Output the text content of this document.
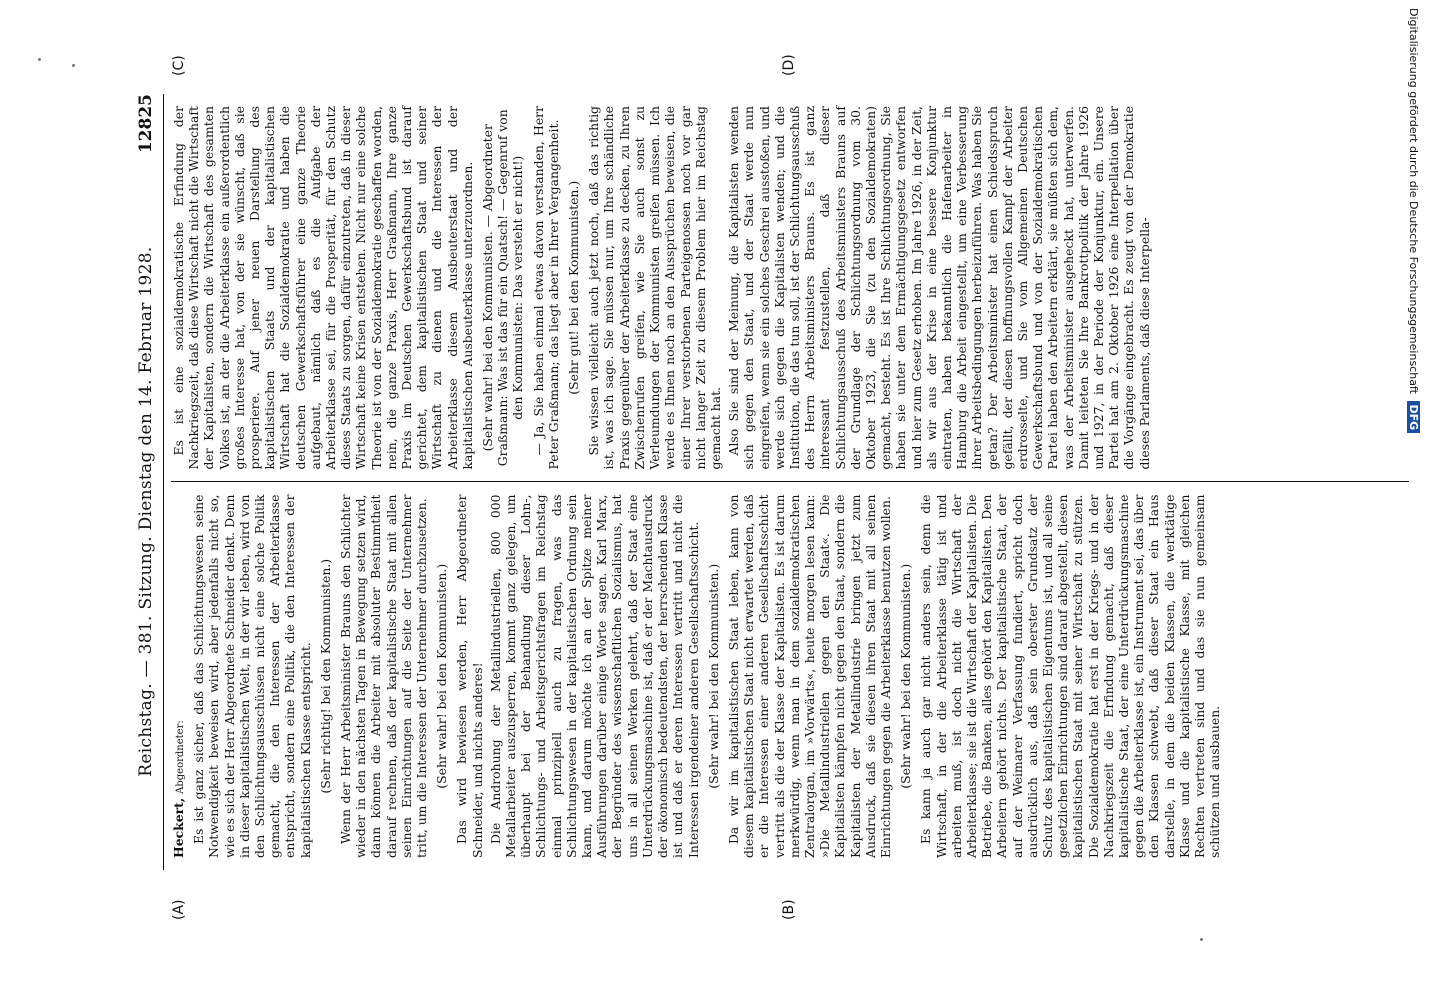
Reichstag. — 381. Sitzung. Dienstag den 14. Februar 1928.
12825
(A)	(B)

Heckert, Abgeordneter: Es ist ganz sicher, daß das Schlichtungswesen seine Notwendigkeit beweisen wird, aber jedenfalls nicht so, wie es sich der Herr Abgeordnete Schneider denkt. Denn in dieser kapitalistischen Welt, in der wir leben, wird von den Schlichtungsausschüssen nicht eine solche Politik gemacht, die den Interessen der Arbeiterklasse entspricht, sondern eine Politik, die den Interessen der kapitalistischen Klasse entspricht. (Sehr richtig! bei den Kommunisten.) Wenn der Herr Arbeitsminister Brauns den Schlichter wieder in den nächsten Tagen in Bewegung setzen wird, dann können die Arbeiter mit absoluter Bestimmtheit darauf rechnen, daß der kapitalistische Staat mit allen seinen Einrichtungen auf die Seite der Unternehmer tritt, um die Interessen der Unternehmer durchzusetzen. (Sehr wahr! bei den Kommunisten.) Das wird bewiesen werden, Herr Abgeordneter Schneider, und nichts anderes! Die Androhung der Metallindustriellen, 800 000 Metallarbeiter auszusperren, kommt ganz gelegen, um überhaupt bei der Behandlung dieser Lohn-, Schlichtungs- und Arbeitsgerichtsfragen im Reichstag einmal prinzipiell auch zu fragen, was das Schlichtungswesen in der kapitalistischen Ordnung sein kann, und darum möchte ich an der Spitze meiner Ausführungen darüber einige Worte sagen. Karl Marx, der Begründer des wissenschaftlichen Sozialismus, hat uns in all seinen Werken gelehrt, daß der Staat eine Unterdrückungsmaschine ist, daß er der Machtausdruck der ökonomisch bedeutendsten, der herrschenden Klasse ist und daß er deren Interessen vertritt und nicht die Interessen irgendeiner anderen Gesellschaftsschicht. (Sehr wahr! bei den Kommunisten.) Da wir im kapitalistischen Staat leben, kann von diesem kapitalistischen Staat nicht erwartet werden, daß er die Interessen einer anderen Gesellschaftsschicht vertritt als die der Klasse der Kapitalisten. Es ist darum merkwürdig, wenn man in dem sozialdemokratischen Zentralorgan, im »Vorwärts«, heute morgen lesen kann: »Die Metallindustriellen gegen den Staat«. Die Kapitalisten kämpfen nicht gegen den Staat, sondern die Kapitalisten der Metallindustrie bringen jetzt zum Ausdruck, daß sie diesen ihren Staat mit all seinen Einrichtungen gegen die Arbeiterklasse benutzen wollen. (Sehr wahr! bei den Kommunisten.) Es kann ja auch gar nicht anders sein, denn die Wirtschaft, in der die Arbeiterklasse tätig ist und arbeiten muß, ist doch nicht die Wirtschaft der Arbeiterklasse; sie ist die Wirtschaft der Kapitalisten. Die Betriebe, die Banken, alles gehört den Kapitalisten. Den Arbeitern gehört nichts. Der kapitalistische Staat, der auf der Weimarer Verfassung fundiert, spricht doch ausdrücklich aus, daß sein oberster Grundsatz der Schutz des kapitalistischen Eigentums ist, und all seine gesetzlichen Einrichtungen sind darauf abgestellt, diesen kapitalistischen Staat mit seiner Wirtschaft zu stützen. Die Sozialdemokratie hat erst in der Kriegs- und in der Nachkriegszeit die Erfindung gemacht, daß dieser kapitalistische Staat, der eine Unterdrückungsmaschine gegen die Arbeiterklasse ist, ein Instrument sei, das über den Klassen schwebt, daß dieser Staat ein Haus darstelle, in dem die beiden Klassen, die werktätige Klasse und die kapitalistische Klasse, mit gleichen Rechten vertreten sind und das sie nun gemeinsam schützen und ausbauen.

Es ist eine sozialdemokratische Erfindung der Nachkriegszeit, daß diese Wirtschaft nicht die Wirtschaft der Kapitalisten, sondern die Wirtschaft des gesamten Volkes ist, an der die Arbeiterklasse ein außerordentlich großes Interesse hat, von der sie wünscht, daß sie prosperiere. Auf jener neuen Darstellung des kapitalistischen Staats und der kapitalistischen Wirtschaft hat die Sozialdemokratie und haben die deutschen Gewerkschaftsführer eine ganze Theorie aufgebaut, nämlich daß es die Aufgabe der Arbeiterklasse sei, für die Prosperität, für den Schutz dieses Staats zu sorgen, dafür einzutreten, daß in dieser Wirtschaft keine Krisen entstehen. Nicht nur eine solche Theorie ist von der Sozialdemokratie geschaffen worden, nein, die ganze Praxis, Herr Graßmann, Ihre ganze Praxis im Deutschen Gewerkschaftsbund ist darauf gerichtet, dem kapitalistischen Staat und seiner Wirtschaft zu dienen und die Interessen der Arbeiterklasse diesem Ausbeuterstaat und der kapitalistischen Ausbeuterklasse unterzuordnen. (Sehr wahr! bei den Kommunisten. — Abgeordneter Graßmann: Was ist das für ein Quatsch! — Gegenruf von den Kommunisten: Das versteht er nicht!) — Ja, Sie haben einmal etwas davon verstanden, Herr Peter Graßmann; das liegt aber in Ihrer Vergangenheit. (Sehr gut! bei den Kommunisten.) Sie wissen vielleicht auch jetzt noch, daß das richtig ist, was ich sage. Sie müssen nur, um Ihre schändliche Praxis gegenüber der Arbeiterklasse zu decken, zu Ihren Zwischenrufen greifen, wie Sie auch sonst zu Verleumdungen der Kommunisten greifen müssen. Ich werde es Ihnen noch an den Aussprüchen beweisen, die einer Ihrer verstorbenen Parteigenossen noch vor gar nicht langer Zeit zu diesem Problem hier im Reichstag gemacht hat. Also Sie sind der Meinung, die Kapitalisten wenden sich gegen den Staat, und der Staat werde nun eingreifen, wenn sie ein solches Geschrei ausstoßen, und werde sich gegen die Kapitalisten wenden; und die Institution, die das tun soll, ist der Schlichtungsausschuß des Herrn Arbeitsministers Brauns. Es ist ganz interessant festzustellen, daß dieser Schlichtungsausschuß des Arbeitsministers Brauns auf der Grundlage der Schlichtungsordnung vom 30. Oktober 1923, die Sie (zu den Sozialdemokraten) gemacht, besteht. Es ist Ihre Schlichtungsordnung, Sie haben sie unter dem Ermächtigungsgesetz entworfen und hier zum Gesetz erhoben. Im Jahre 1926, in der Zeit, als wir aus der Krise in eine bessere Konjunktur eintraten, haben bekanntlich die Hafenarbeiter in Hamburg die Arbeit eingestellt, um eine Verbesserung ihrer Arbeitsbedingungen herbeizuführen. Was haben Sie getan? Der Arbeitsminister hat einen Schiedsspruch gefällt, der diesen hoffnungsvollen Kampf der Arbeiter erdrosselte, und Sie vom Allgemeinen Deutschen Gewerkschaftsbund und von der Sozialdemokratischen Partei haben den Arbeitern erklärt, sie müßten sich dem, was der Arbeitsminister ausgeheckt hat, unterwerfen. Damit leiteten Sie Ihre Bankrottpolitik der Jahre 1926 und 1927, in der Periode der Konjunktur, ein. Unsere Partei hat am 2. Oktober 1926 eine Interpellation über die Vorgänge eingebracht. Es zeugt von der Demokratie dieses Parlaments, daß diese Interpella-

(C)	(D)	Digitalisierung gefördert durch die Deutsche Forschungsgemeinschaft DFG
